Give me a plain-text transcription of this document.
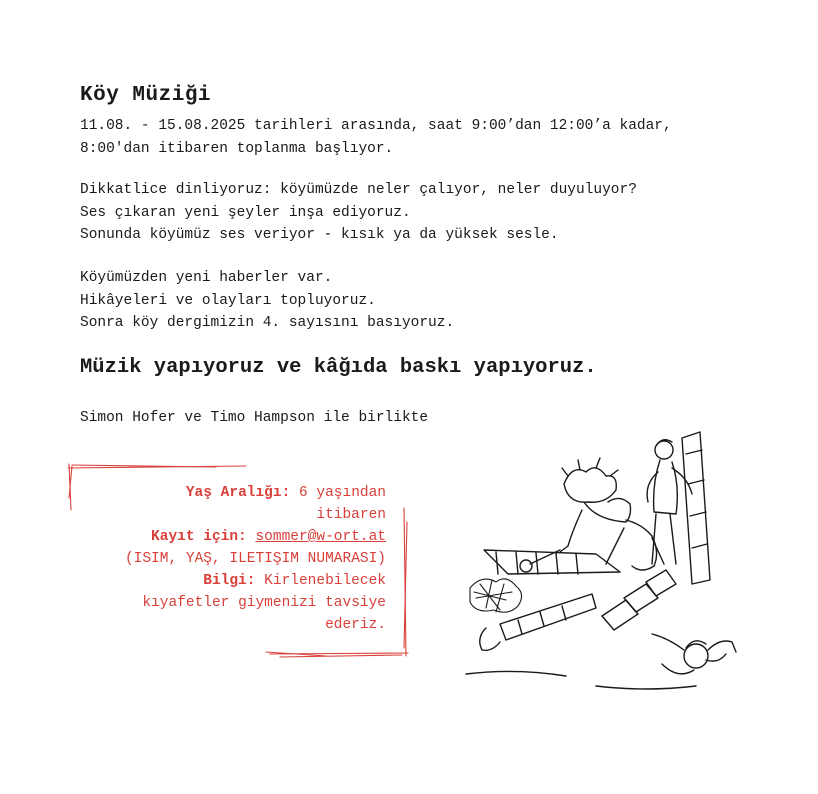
Köy Müziği
11.08. - 15.08.2025 tarihleri arasında, saat 9:00’dan 12:00’a kadar,
8:00'dan itibaren toplanma başlıyor.
Dikkatlice dinliyoruz: köyümüzde neler çalıyor, neler duyuluyor?
Ses çıkaran yeni şeyler inşa ediyoruz.
Sonunda köyümüz ses veriyor - kısık ya da yüksek sesle.
Köyümüzden yeni haberler var.
Hikâyeleri ve olayları topluyoruz.
Sonra köy dergimizin 4. sayısını basıyoruz.
Müzik yapıyoruz ve kâğıda baskı yapıyoruz.

Simon Hofer ve Timo Hampson ile birlikte

Yaş Aralığı: 6 yaşından
itibaren
Kayıt için: sommer@w-ort.at
(ISIM, YAŞ, ILETIŞIM NUMARASI)
Bilgi: Kirlenebilecek
kıyafetler giymenizi tavsiye
ederiz.
